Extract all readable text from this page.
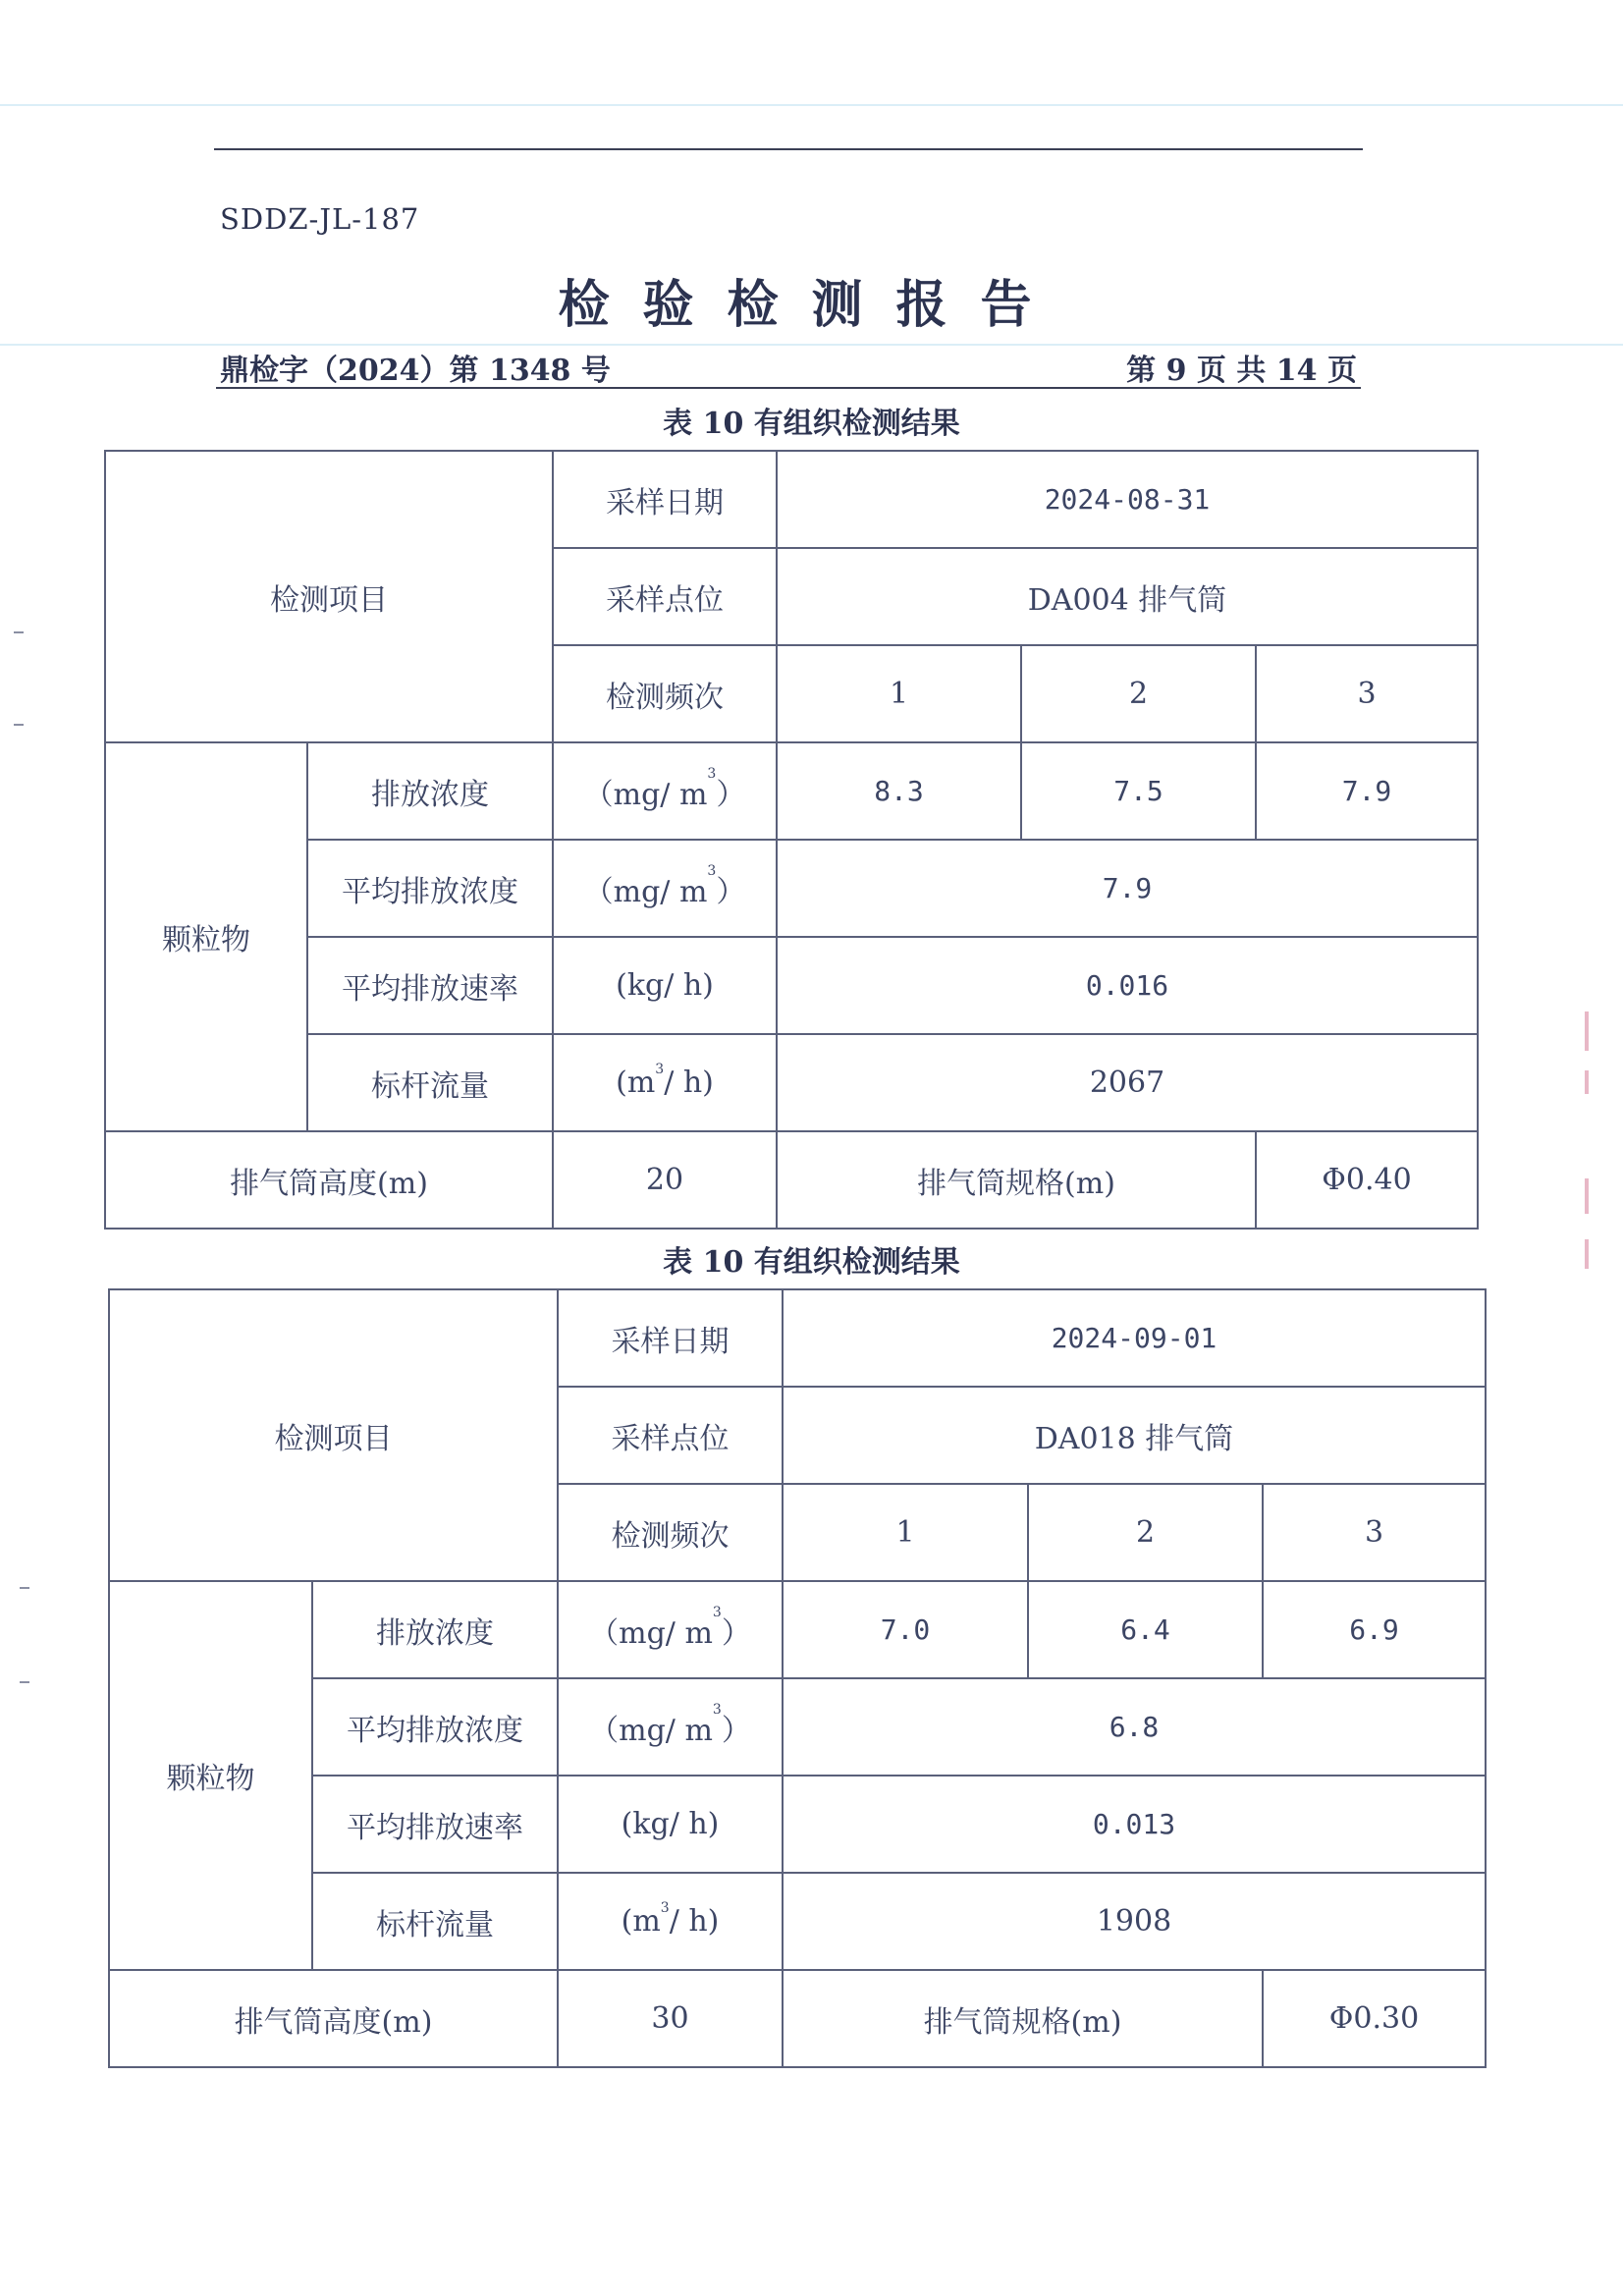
SDDZ-JL-187
检验检测报告
鼎检字（2024）第 1348 号	第 9 页 共 14 页
表 10 有组织检测结果
检测项目		采样日期	2024-08-31		
		采样点位	DA004 排气筒		
		检测频次	1	2	3
颗粒物	排放浓度	（mg/ $m^3$）	8.3	7.5	7.9
	平均排放浓度	（mg/ $m^3$）	7.9		
	平均排放速率	(kg/ h)	0.016		
	标杆流量	($m^3/$ h)	2067		
排气筒高度(m)		20	排气筒规格(m)		Φ0.40
表 10 有组织检测结果
检测项目		采样日期	2024-09-01		
		采样点位	DA018 排气筒		
		检测频次	1	2	3
颗粒物	排放浓度	（mg/ $m^3$）	7.0	6.4	6.9
	平均排放浓度	（mg/ $m^3$）	6.8		
	平均排放速率	(kg/ h)	0.013		
	标杆流量	($m^3/$ h)	1908		
排气筒高度(m)		30	排气筒规格(m)		Φ0.30
